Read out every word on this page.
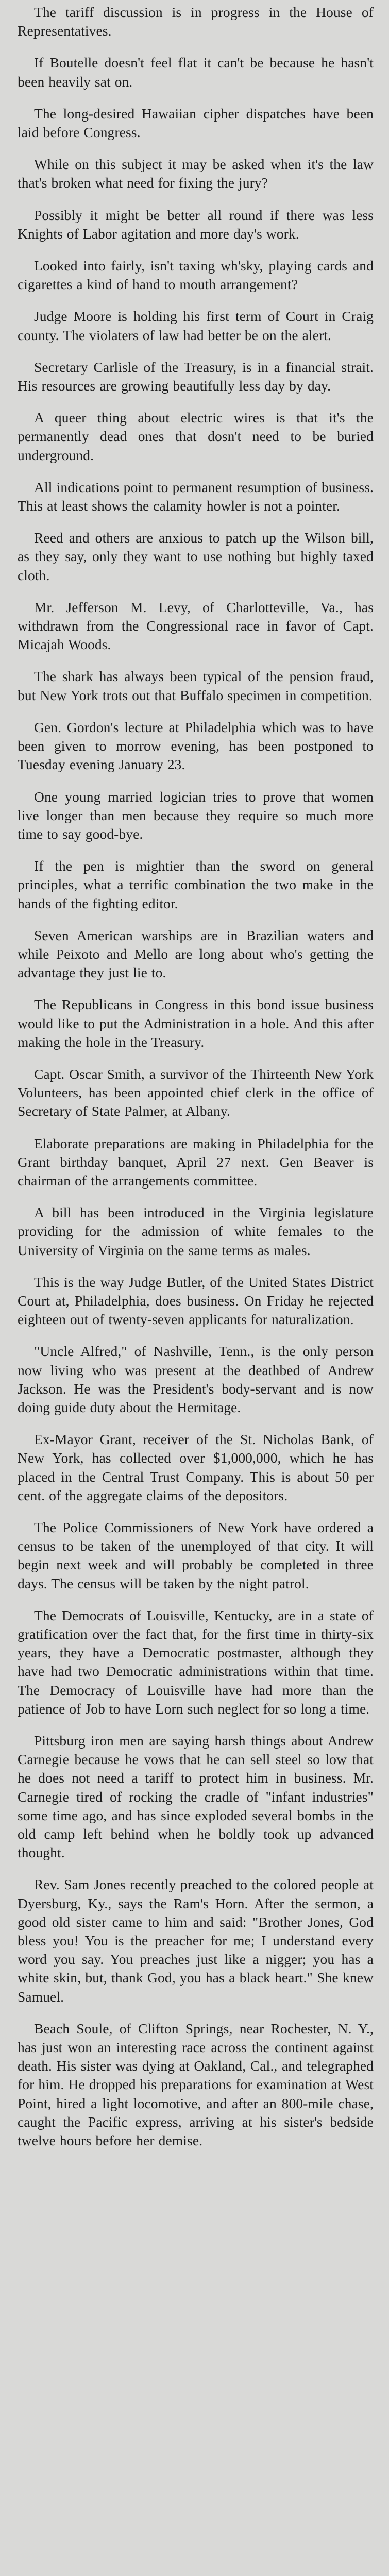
The tariff discussion is in progress in the House of Representatives.

If Boutelle doesn't feel flat it can't be because he hasn't been heavily sat on.

The long-desired Hawaiian cipher dispatches have been laid before Congress.

While on this subject it may be asked when it's the law that's broken what need for fixing the jury?

Possibly it might be better all round if there was less Knights of Labor agitation and more day's work.

Looked into fairly, isn't taxing wh'sky, playing cards and cigarettes a kind of hand to mouth arrangement?

Judge Moore is holding his first term of Court in Craig county. The violaters of law had better be on the alert.

Secretary Carlisle of the Treasury, is in a financial strait. His resources are growing beautifully less day by day.

A queer thing about electric wires is that it's the permanently dead ones that dosn't need to be buried underground.

All indications point to permanent resumption of business. This at least shows the calamity howler is not a pointer.

Reed and others are anxious to patch up the Wilson bill, as they say, only they want to use nothing but highly taxed cloth.

Mr. Jefferson M. Levy, of Charlotteville, Va., has withdrawn from the Congressional race in favor of Capt. Micajah Woods.

The shark has always been typical of the pension fraud, but New York trots out that Buffalo specimen in competition.

Gen. Gordon's lecture at Philadelphia which was to have been given to morrow evening, has been postponed to Tuesday evening January 23.

One young married logician tries to prove that women live longer than men because they require so much more time to say good-bye.

If the pen is mightier than the sword on general principles, what a terrific combination the two make in the hands of the fighting editor.

Seven American warships are in Brazilian waters and while Peixoto and Mello are long about who's getting the advantage they just lie to.

The Republicans in Congress in this bond issue business would like to put the Administration in a hole. And this after making the hole in the Treasury.

Capt. Oscar Smith, a survivor of the Thirteenth New York Volunteers, has been appointed chief clerk in the office of Secretary of State Palmer, at Albany.

Elaborate preparations are making in Philadelphia for the Grant birthday banquet, April 27 next. Gen Beaver is chairman of the arrangements committee.

A bill has been introduced in the Virginia legislature providing for the admission of white females to the University of Virginia on the same terms as males.

This is the way Judge Butler, of the United States District Court at, Philadelphia, does business. On Friday he rejected eighteen out of twenty-seven applicants for naturalization.

"Uncle Alfred," of Nashville, Tenn., is the only person now living who was present at the deathbed of Andrew Jackson. He was the President's body-servant and is now doing guide duty about the Hermitage.

Ex-Mayor Grant, receiver of the St. Nicholas Bank, of New York, has collected over $1,000,000, which he has placed in the Central Trust Company. This is about 50 per cent. of the aggregate claims of the depositors.

The Police Commissioners of New York have ordered a census to be taken of the unemployed of that city. It will begin next week and will probably be completed in three days. The census will be taken by the night patrol.

The Democrats of Louisville, Kentucky, are in a state of gratification over the fact that, for the first time in thirty-six years, they have a Democratic postmaster, although they have had two Democratic administrations within that time. The Democracy of Louisville have had more than the patience of Job to have Lorn such neglect for so long a time.

Pittsburg iron men are saying harsh things about Andrew Carnegie because he vows that he can sell steel so low that he does not need a tariff to protect him in business. Mr. Carnegie tired of rocking the cradle of "infant industries" some time ago, and has since exploded several bombs in the old camp left behind when he boldly took up advanced thought.

Rev. Sam Jones recently preached to the colored people at Dyersburg, Ky., says the Ram's Horn. After the sermon, a good old sister came to him and said: "Brother Jones, God bless you! You is the preacher for me; I understand every word you say. You preaches just like a nigger; you has a white skin, but, thank God, you has a black heart." She knew Samuel.

Beach Soule, of Clifton Springs, near Rochester, N. Y., has just won an interesting race across the continent against death. His sister was dying at Oakland, Cal., and telegraphed for him. He dropped his preparations for examination at West Point, hired a light locomotive, and after an 800-mile chase, caught the Pacific express, arriving at his sister's bedside twelve hours before her demise.
